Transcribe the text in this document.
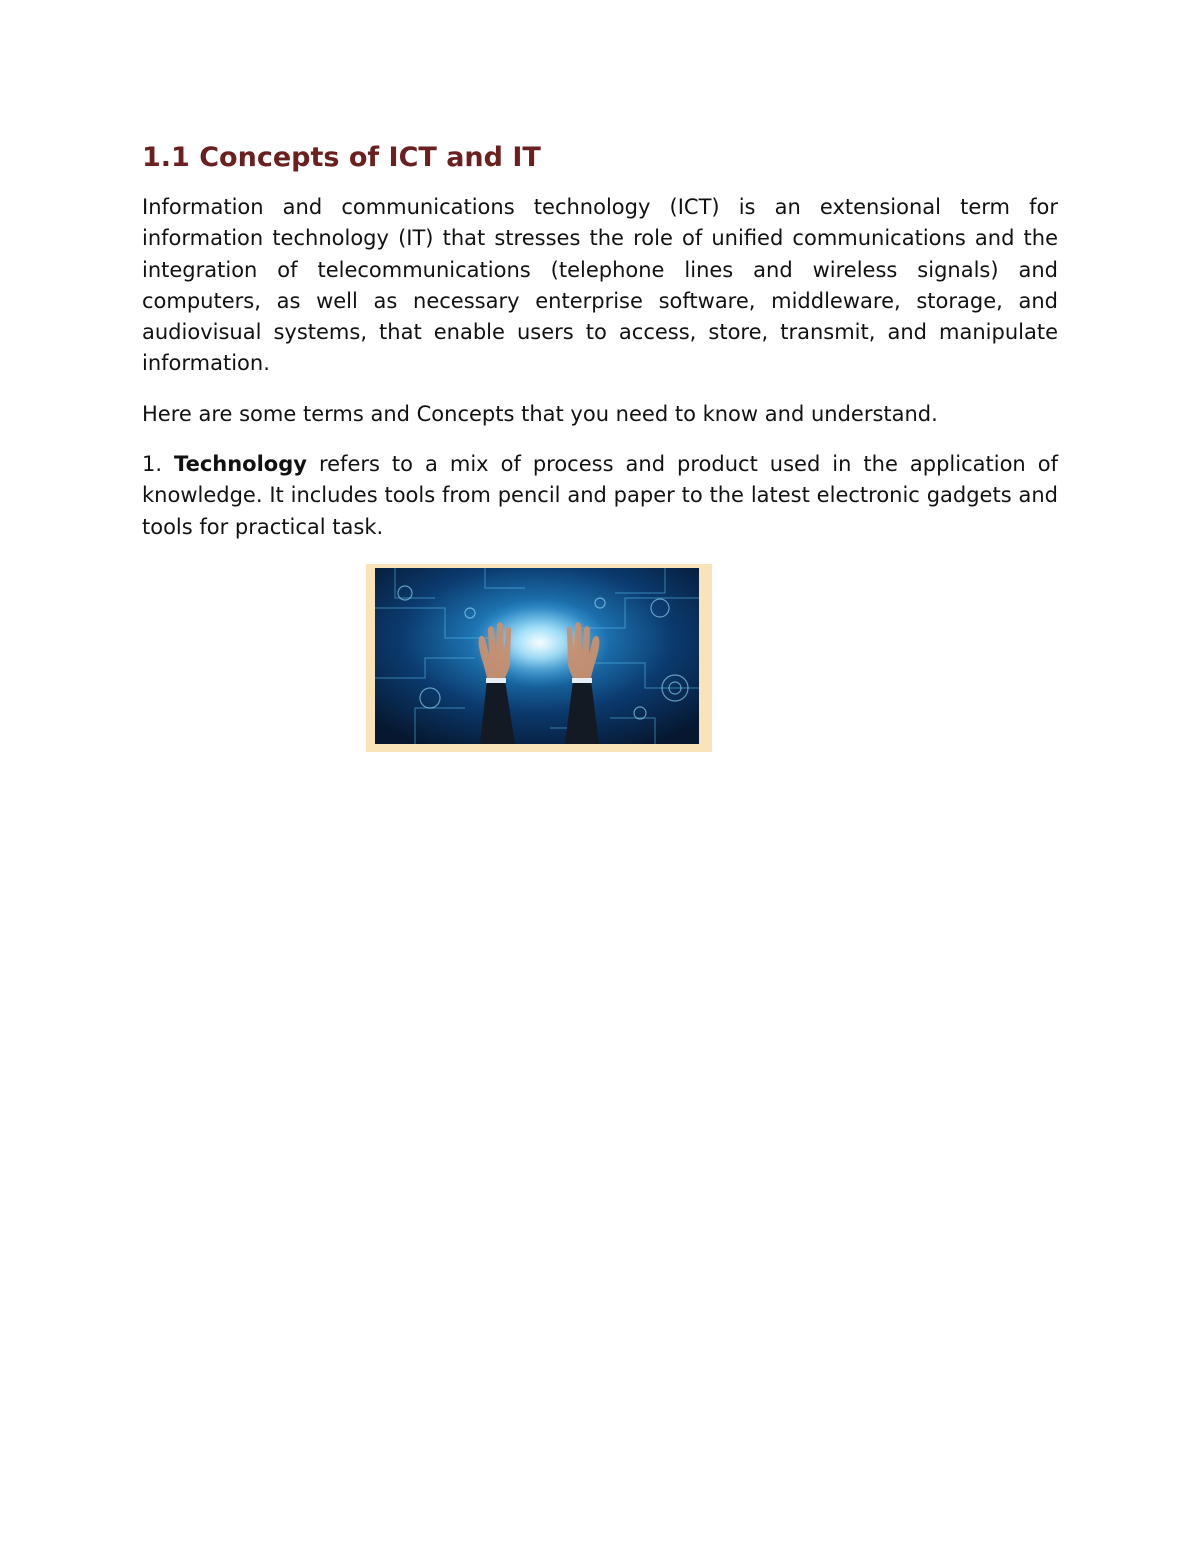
1.1 Concepts of ICT and IT

Information and communications technology (ICT) is an extensional term for information technology (IT) that stresses the role of unified communications and the integration of telecommunications (telephone lines and wireless signals) and computers, as well as necessary enterprise software, middleware, storage, and audiovisual systems, that enable users to access, store, transmit, and manipulate information.

Here are some terms and Concepts that you need to know and understand.

1. Technology refers to a mix of process and product used in the application of knowledge. It includes tools from pencil and paper to the latest electronic gadgets and tools for practical task.
